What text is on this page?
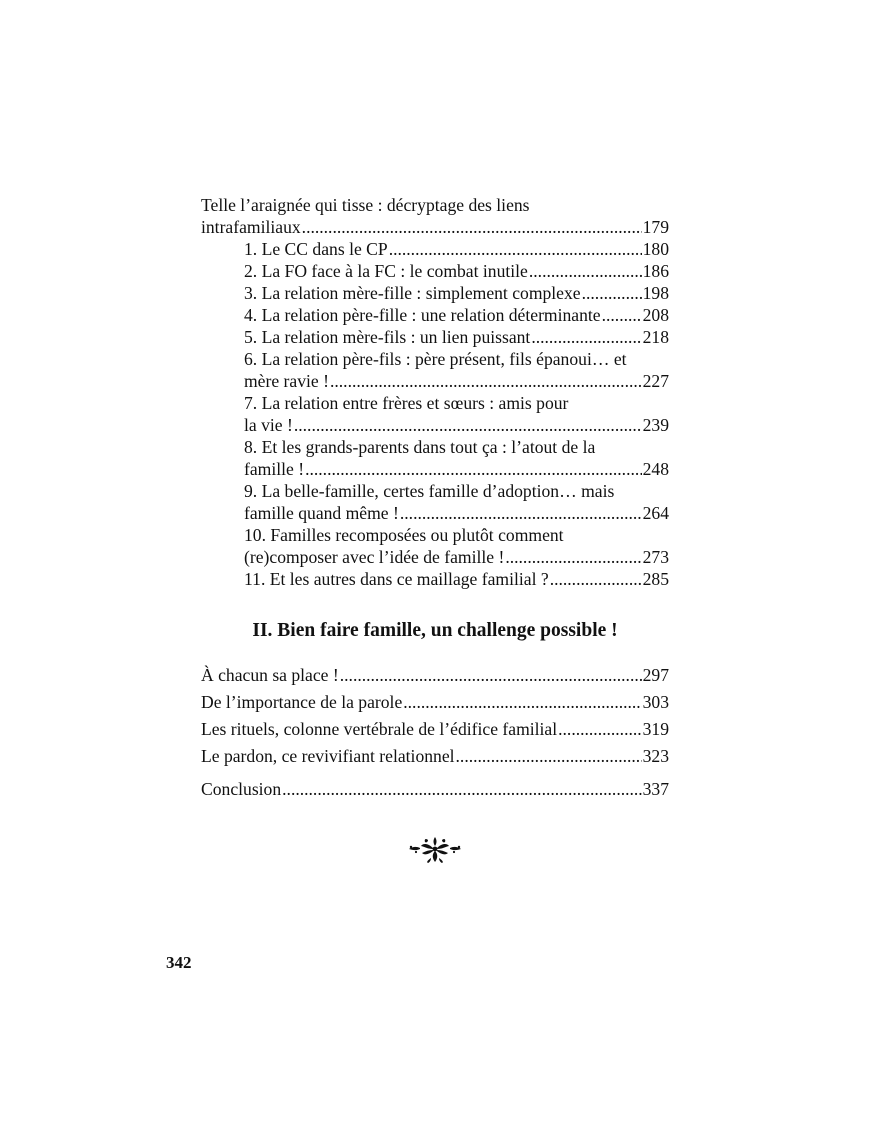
Telle l’araignée qui tisse : décryptage des liens
intrafamiliaux . . .	179
1. Le CC dans le CP . . .	180
2. La FO face à la FC : le combat inutile . . .	186
3. La relation mère-fille : simplement complexe . . .	198
4. La relation père-fille : une relation déterminante . . . 208
5. La relation mère-fils : un lien puissant . . .	218
6. La relation père-fils : père présent, fils épanoui… et
mère ravie ! . . .	227
7. La relation entre frères et sœurs : amis pour
la vie ! . . .	239
8. Et les grands-parents dans tout ça : l’atout de la
famille ! . . .	248
9. La belle-famille, certes famille d’adoption… mais
famille quand même ! . . .	264
10. Familles recomposées ou plutôt comment
(re)composer avec l’idée de famille ! . . .	273
11. Et les autres dans ce maillage familial ? . . .	285
II. Bien faire famille, un challenge possible !
À chacun sa place ! . . .	297
De l’importance de la parole . . .	303
Les rituels, colonne vertébrale de l’édifice familial . . .	319
Le pardon, ce revivifiant relationnel . . .	323
Conclusion . . .	337
342
